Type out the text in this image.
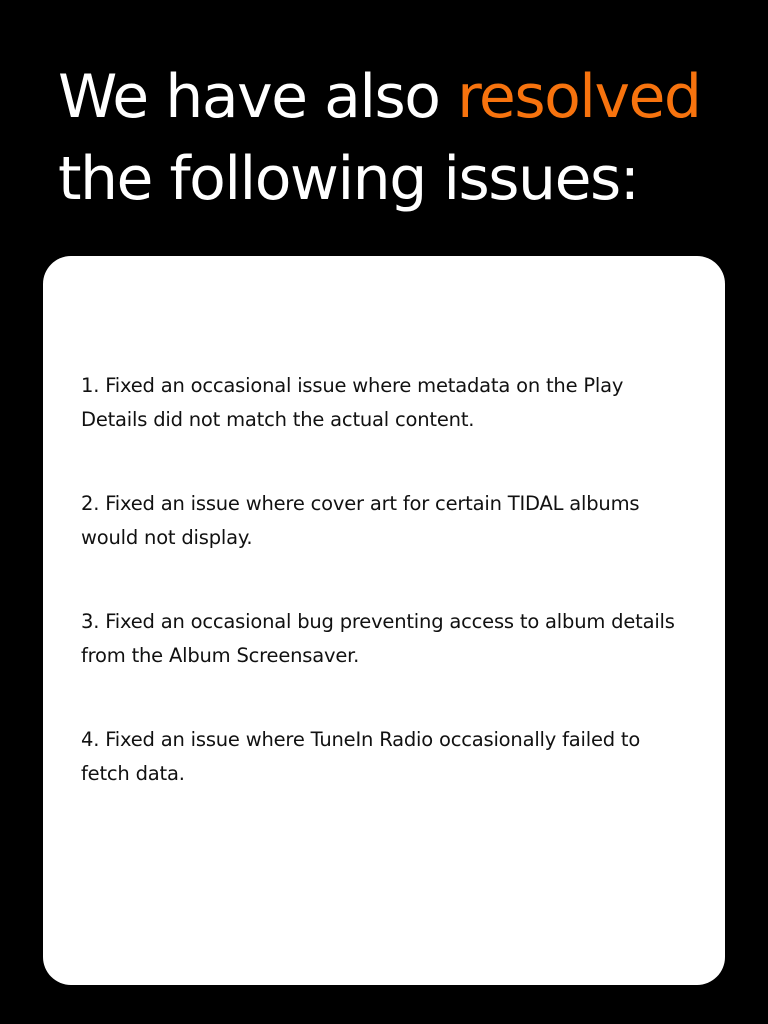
We have also resolved
the following issues:
1. Fixed an occasional issue where metadata on the Play Details did not match the actual content.
2. Fixed an issue where cover art for certain TIDAL albums would not display.
3. Fixed an occasional bug preventing access to album details from the Album Screensaver.
4. Fixed an issue where TuneIn Radio occasionally failed to fetch data.
